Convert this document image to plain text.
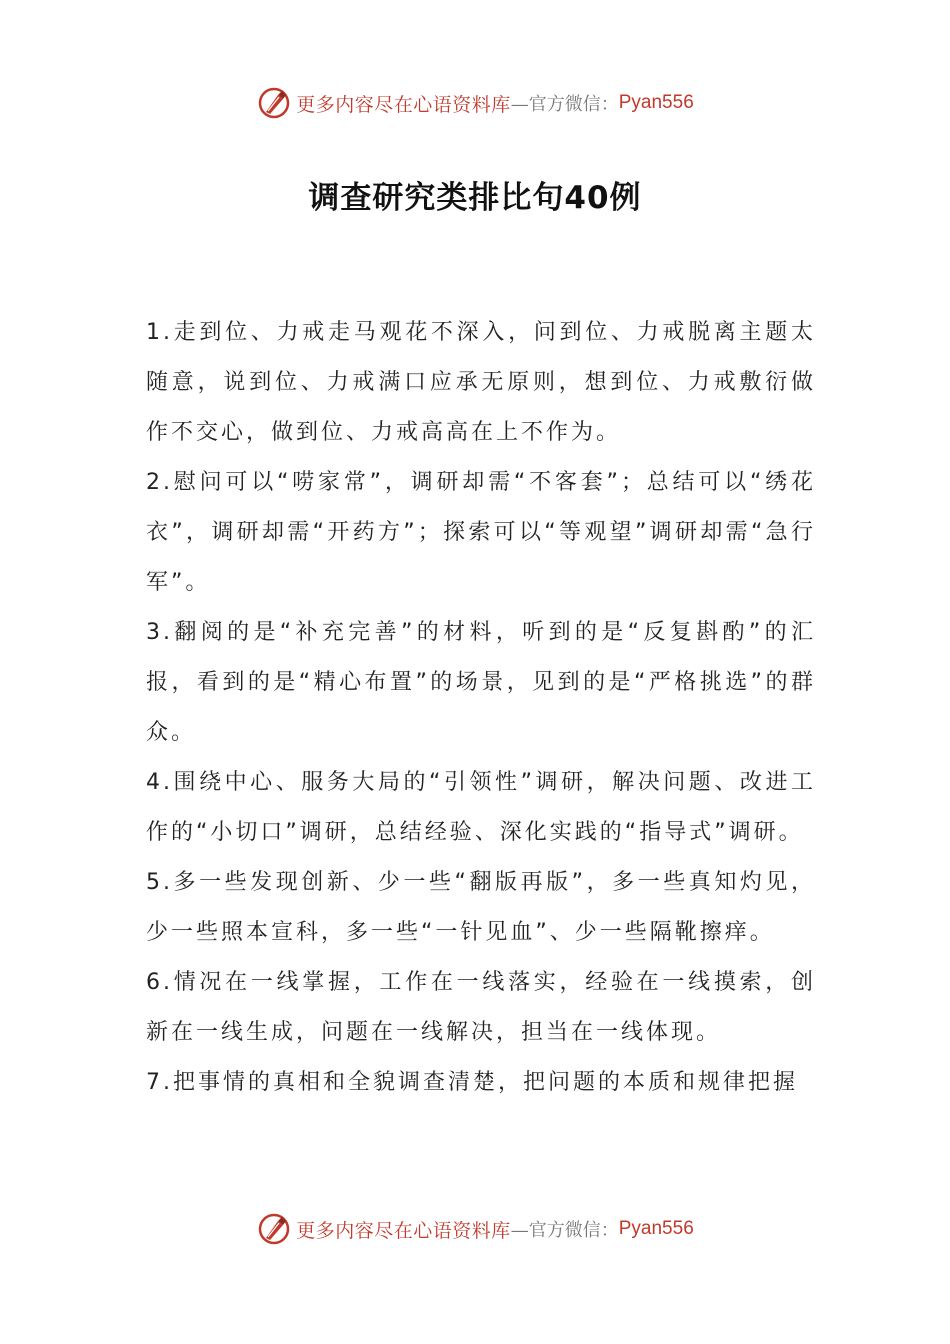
更多内容尽在心语资料库 —官方微信： Pyan556
调查研究类排比句40例

1.走到位、力戒走马观花不深入，问到位、力戒脱离主题太随意，说到位、力戒满口应承无原则，想到位、力戒敷衍做作不交心，做到位、力戒高高在上不作为。

2.慰问可以“唠家常”，调研却需“不客套”；总结可以“绣花衣”，调研却需“开药方”；探索可以“等观望”调研却需“急行军”。

3.翻阅的是“补充完善”的材料，听到的是“反复斟酌”的汇报，看到的是“精心布置”的场景，见到的是“严格挑选”的群众。

4.围绕中心、服务大局的“引领性”调研，解决问题、改进工作的“小切口”调研，总结经验、深化实践的“指导式”调研。

5.多一些发现创新、少一些“翻版再版”，多一些真知灼见，少一些照本宣科，多一些“一针见血”、少一些隔靴擦痒。

6.情况在一线掌握，工作在一线落实，经验在一线摸索，创新在一线生成，问题在一线解决，担当在一线体现。

7.把事情的真相和全貌调查清楚，把问题的本质和规律把握

更多内容尽在心语资料库 —官方微信： Pyan556
